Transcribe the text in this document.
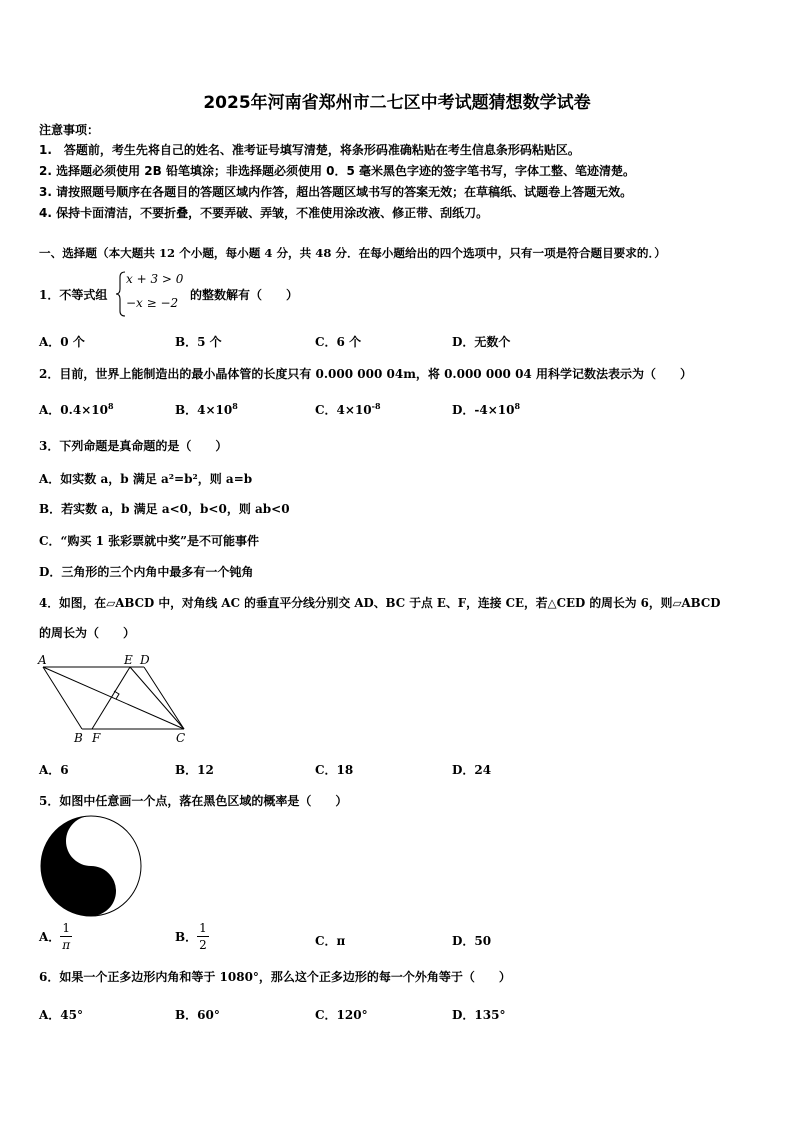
2025年河南省郑州市二七区中考试题猜想数学试卷
注意事项：
1.　答题前，考生先将自己的姓名、准考证号填写清楚，将条形码准确粘贴在考生信息条形码粘贴区。
2. 选择题必须使用 2B 铅笔填涂；非选择题必须使用 0．5 毫米黑色字迹的签字笔书写，字体工整、笔迹清楚。
3. 请按照题号顺序在各题目的答题区域内作答，超出答题区域书写的答案无效；在草稿纸、试题卷上答题无效。
4. 保持卡面清洁，不要折叠，不要弄破、弄皱，不准使用涂改液、修正带、刮纸刀。
一、选择题（本大题共 12 个小题，每小题 4 分，共 48 分．在每小题给出的四个选项中，只有一项是符合题目要求的．）
1．不等式组
x + 3 > 0
−x ≥ −2
的整数解有（　　）
A．0 个	B．5 个	C．6 个	D．无数个
2．目前，世界上能制造出的最小晶体管的长度只有 0.000 000 04m，将 0.000 000 04 用科学记数法表示为（　　）
A．$0.4\times 10^8$	B．$4\times 10^8$	C．$4\times 10^{-8}$	D．$-4\times 10^8$
3．下列命题是真命题的是（　　）
A．如实数 a，b 满足 a²=b²，则 a=b
B．若实数 a，b 满足 a<0，b<0，则 ab<0
C．“购买 1 张彩票就中奖”是不可能事件
D．三角形的三个内角中最多有一个钝角
4．如图，在▱ABCD 中，对角线 AC 的垂直平分线分别交 AD、BC 于点 E、F，连接 CE，若△CED 的周长为 6，则▱ABCD
的周长为（　　）
A	E D
B F	C
A．6	B．12	C．18	D．24
5．如图中任意画一个点，落在黑色区域的概率是（　　）
A． $\frac{1}{\pi}$	B． $\frac{1}{2}$	C．π	D．50
6．如果一个正多边形内角和等于 1080°，那么这个正多边形的每一个外角等于（　　）
A．45°	B．60°	C．120°	D．135°
